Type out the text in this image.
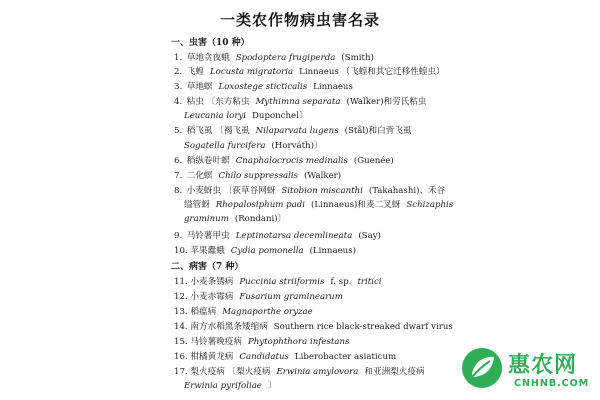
一类农作物病虫害名录
一、虫害（10 种）
1. 草地贪夜蛾 Spodoptera frugiperda (Smith)
2. 飞蝗 Locusta migratoria Linnaeus （飞蝗和其它迁移性蝗虫）
3. 草地螟 Loxostege sticticalis Linnaeus
4. 粘虫 〔东方粘虫 Mythimna separata (Walker)和劳氏粘虫
Leucania loryi Duponchel〕
5. 稻飞虱 〔褐飞虱 Nilaparvata lugens (Stål)和白背飞虱
Sogatella furcifera (Horváth)〕
6. 稻纵卷叶螟 Cnaphalocrocis medinalis (Guenée)
7. 二化螟 Chilo suppressalis (Walker)
8. 小麦蚜虫 〔荻草谷网蚜 Sitobion miscanthi (Takahashi)、禾谷
缢管蚜 Rhopalosiphum padi (Linnaeus)和麦二叉蚜 Schizaphis
graminum (Rondani)〕
9. 马铃薯甲虫 Leptinotarsa decemlineata (Say)
10. 苹果蠹蛾 Cydia pomonella (Linnaeus)
二、病害（7 种）
11. 小麦条锈病 Puccinia striiformis f. sp. tritici
12. 小麦赤霉病 Fusarium graminearum
13. 稻瘟病 Magnaporthe oryzae
14. 南方水稻黑条矮缩病 Southern rice black-streaked dwarf virus
15. 马铃薯晚疫病 Phytophthora infestans
16. 柑橘黄龙病 Candidatus Liberobacter asiaticum
17. 梨火疫病 〔梨火疫病 Erwinia amylovora 和亚洲梨火疫病
Erwinia pyrifoliae 〕
惠农网
CNHNB.COM
